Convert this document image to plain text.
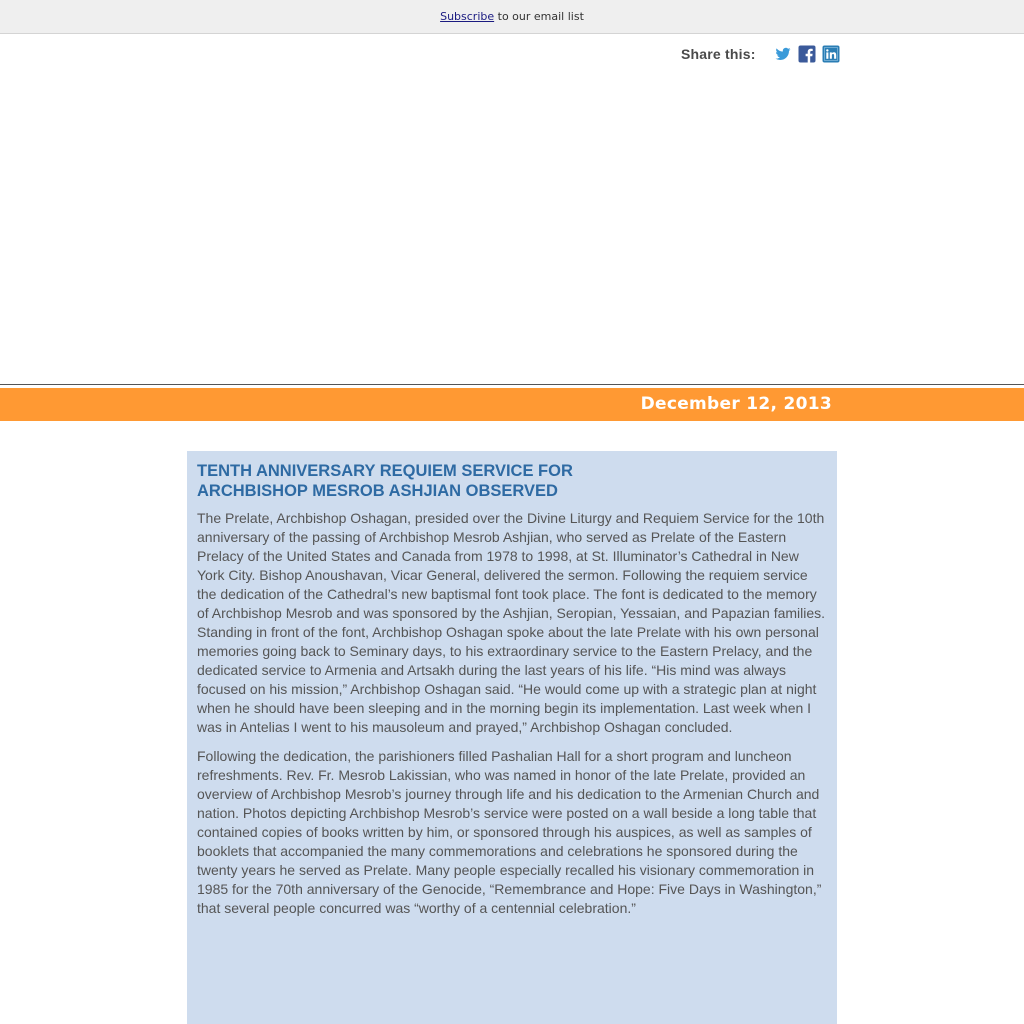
Subscribe to our email list
Share this:
December 12, 2013
TENTH ANNIVERSARY REQUIEM SERVICE FOR ARCHBISHOP MESROB ASHJIAN OBSERVED

The Prelate, Archbishop Oshagan, presided over the Divine Liturgy and Requiem Service for the 10th anniversary of the passing of Archbishop Mesrob Ashjian, who served as Prelate of the Eastern Prelacy of the United States and Canada from 1978 to 1998, at St. Illuminator’s Cathedral in New York City. Bishop Anoushavan, Vicar General, delivered the sermon. Following the requiem service the dedication of the Cathedral’s new baptismal font took place. The font is dedicated to the memory of Archbishop Mesrob and was sponsored by the Ashjian, Seropian, Yessaian, and Papazian families. Standing in front of the font, Archbishop Oshagan spoke about the late Prelate with his own personal memories going back to Seminary days, to his extraordinary service to the Eastern Prelacy, and the dedicated service to Armenia and Artsakh during the last years of his life. “His mind was always focused on his mission,” Archbishop Oshagan said. “He would come up with a strategic plan at night when he should have been sleeping and in the morning begin its implementation. Last week when I was in Antelias I went to his mausoleum and prayed,” Archbishop Oshagan concluded.

Following the dedication, the parishioners filled Pashalian Hall for a short program and luncheon refreshments. Rev. Fr. Mesrob Lakissian, who was named in honor of the late Prelate, provided an overview of Archbishop Mesrob’s journey through life and his dedication to the Armenian Church and nation. Photos depicting Archbishop Mesrob’s service were posted on a wall beside a long table that contained copies of books written by him, or sponsored through his auspices, as well as samples of booklets that accompanied the many commemorations and celebrations he sponsored during the twenty years he served as Prelate. Many people especially recalled his visionary commemoration in 1985 for the 70th anniversary of the Genocide, “Remembrance and Hope: Five Days in Washington,” that several people concurred was “worthy of a centennial celebration.”
